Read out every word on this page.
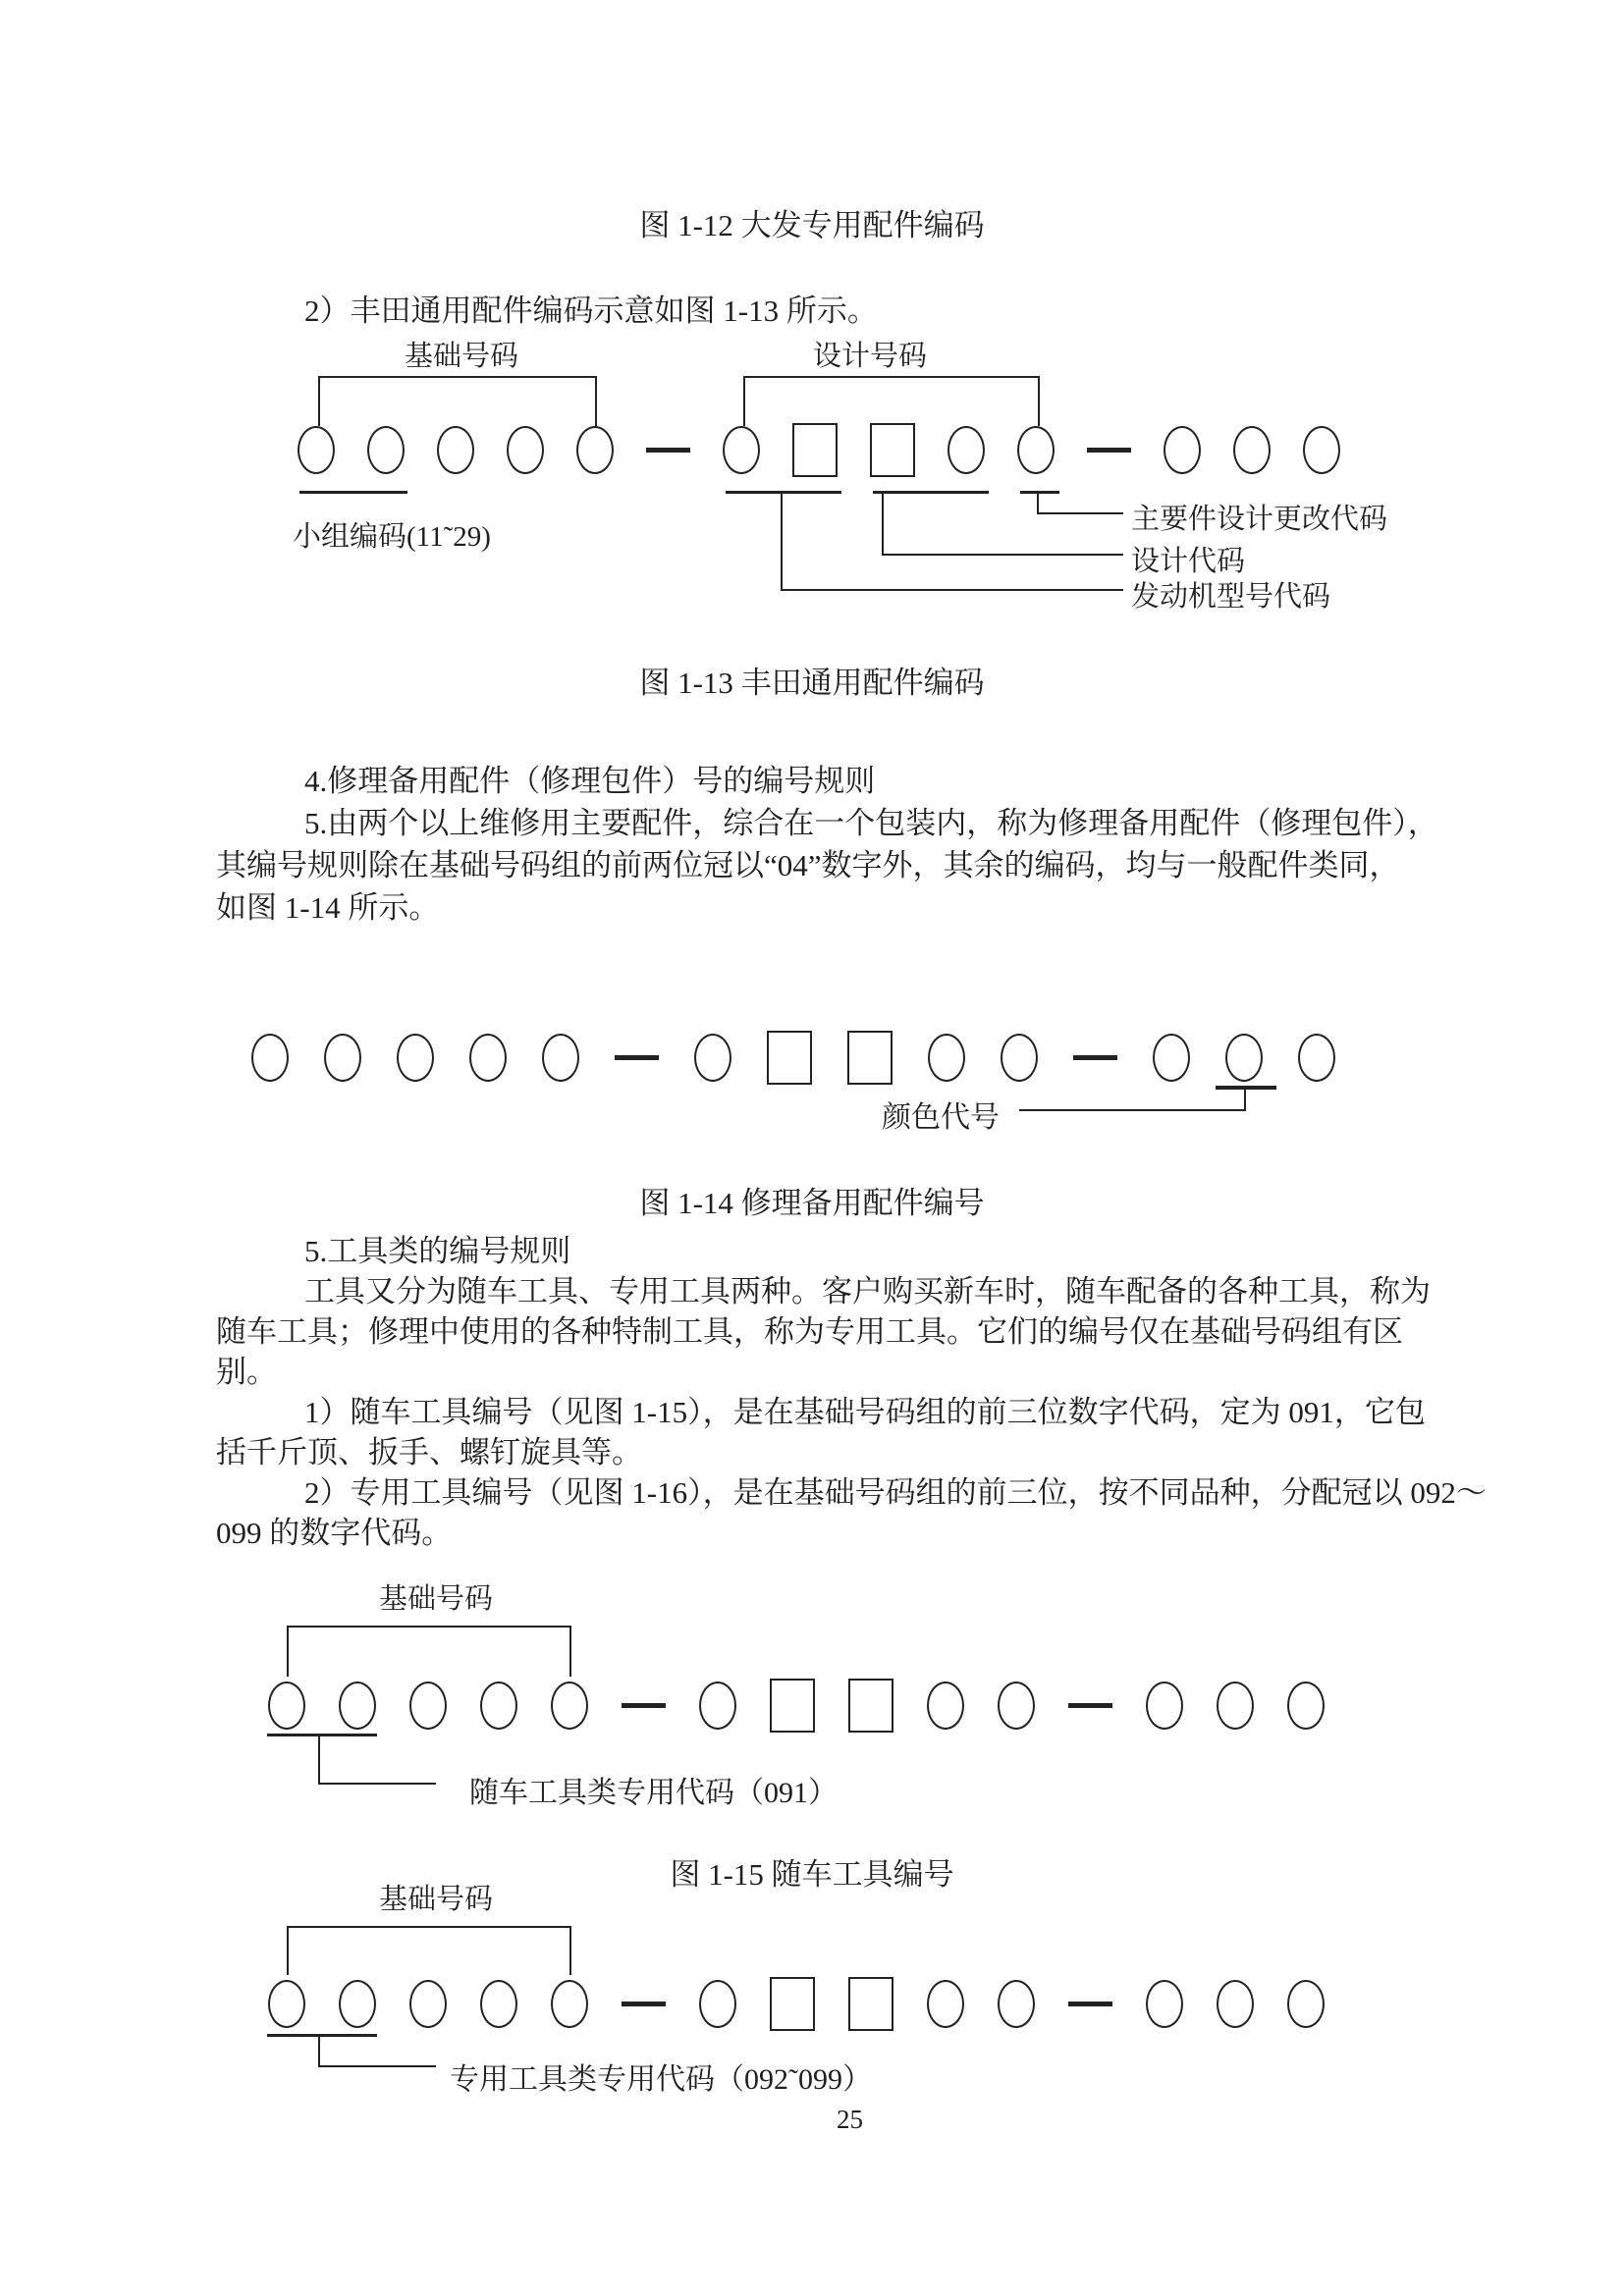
图 1-12 大发专用配件编码
2）丰田通用配件编码示意如图 1-13 所示。
基础号码	设计号码
小组编码(11˜29)
主要件设计更改代码
设计代码
发动机型号代码
图 1-13 丰田通用配件编码
4.修理备用配件（修理包件）号的编号规则
5.由两个以上维修用主要配件，综合在一个包装内，称为修理备用配件（修理包件），
其编号规则除在基础号码组的前两位冠以“04”数字外，其余的编码，均与一般配件类同，
如图 1-14 所示。
颜色代号
图 1-14 修理备用配件编号
5.工具类的编号规则
工具又分为随车工具、专用工具两种。客户购买新车时，随车配备的各种工具，称为
随车工具；修理中使用的各种特制工具，称为专用工具。它们的编号仅在基础号码组有区
别。
1）随车工具编号（见图 1-15），是在基础号码组的前三位数字代码，定为 091，它包
括千斤顶、扳手、螺钉旋具等。
2）专用工具编号（见图 1-16），是在基础号码组的前三位，按不同品种，分配冠以 092～
099 的数字代码。
基础号码
随车工具类专用代码（091）
图 1-15 随车工具编号
基础号码
专用工具类专用代码（092˜099）
25
